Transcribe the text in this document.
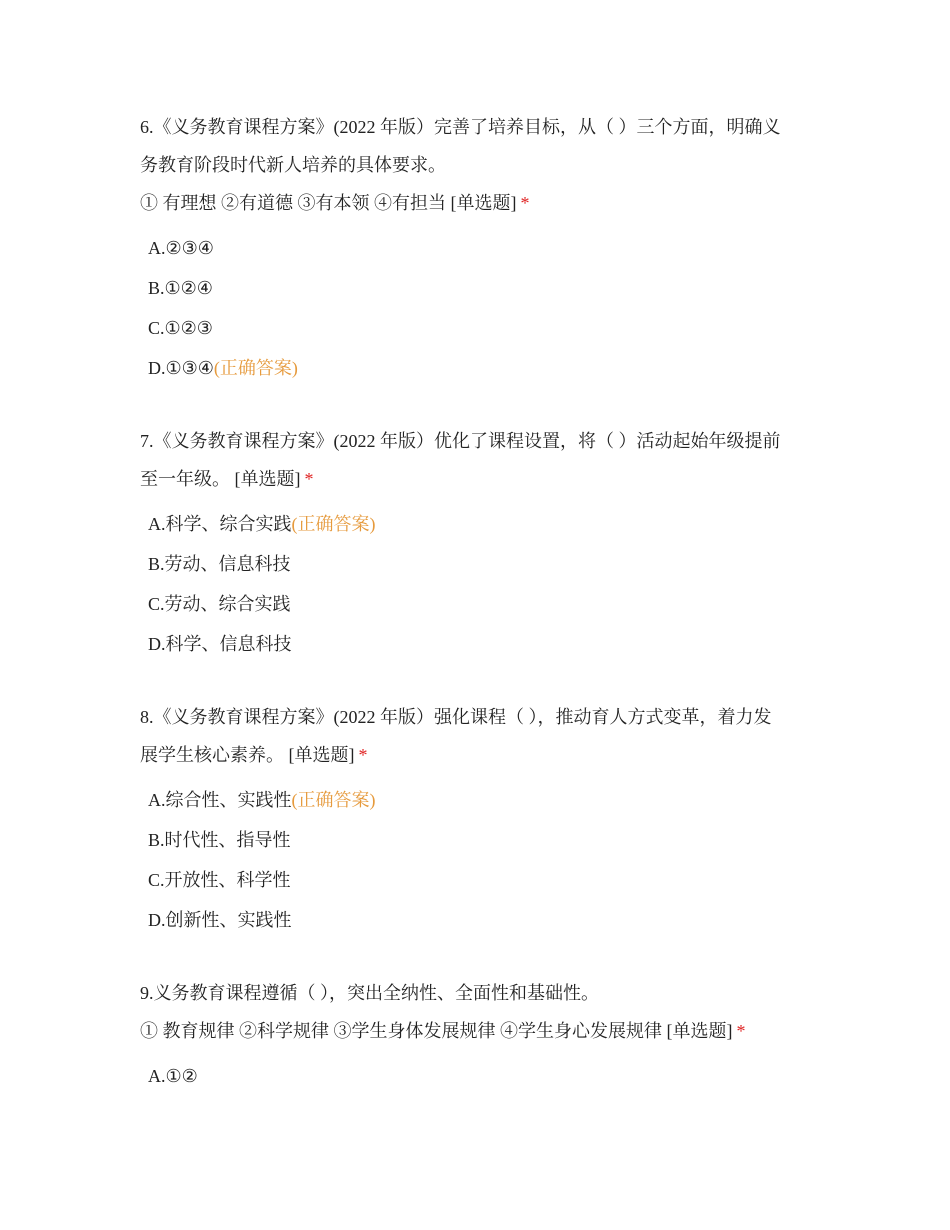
6.《义务教育课程方案》(2022 年版）完善了培养目标，从（ ）三个方面，明确义
务教育阶段时代新人培养的具体要求。
① 有理想 ②有道德 ③有本领 ④有担当 [单选题] *
A.②③④
B.①②④
C.①②③
D.①③④(正确答案)
7.《义务教育课程方案》(2022 年版）优化了课程设置，将（ ）活动起始年级提前
至一年级。 [单选题] *
A.科学、综合实践(正确答案)
B.劳动、信息科技
C.劳动、综合实践
D.科学、信息科技
8.《义务教育课程方案》(2022 年版）强化课程（ ），推动育人方式变革，着力发
展学生核心素养。 [单选题] *
A.综合性、实践性(正确答案)
B.时代性、指导性
C.开放性、科学性
D.创新性、实践性
9.义务教育课程遵循（ ），突出全纳性、全面性和基础性。
① 教育规律 ②科学规律 ③学生身体发展规律 ④学生身心发展规律 [单选题] *
A.①②
